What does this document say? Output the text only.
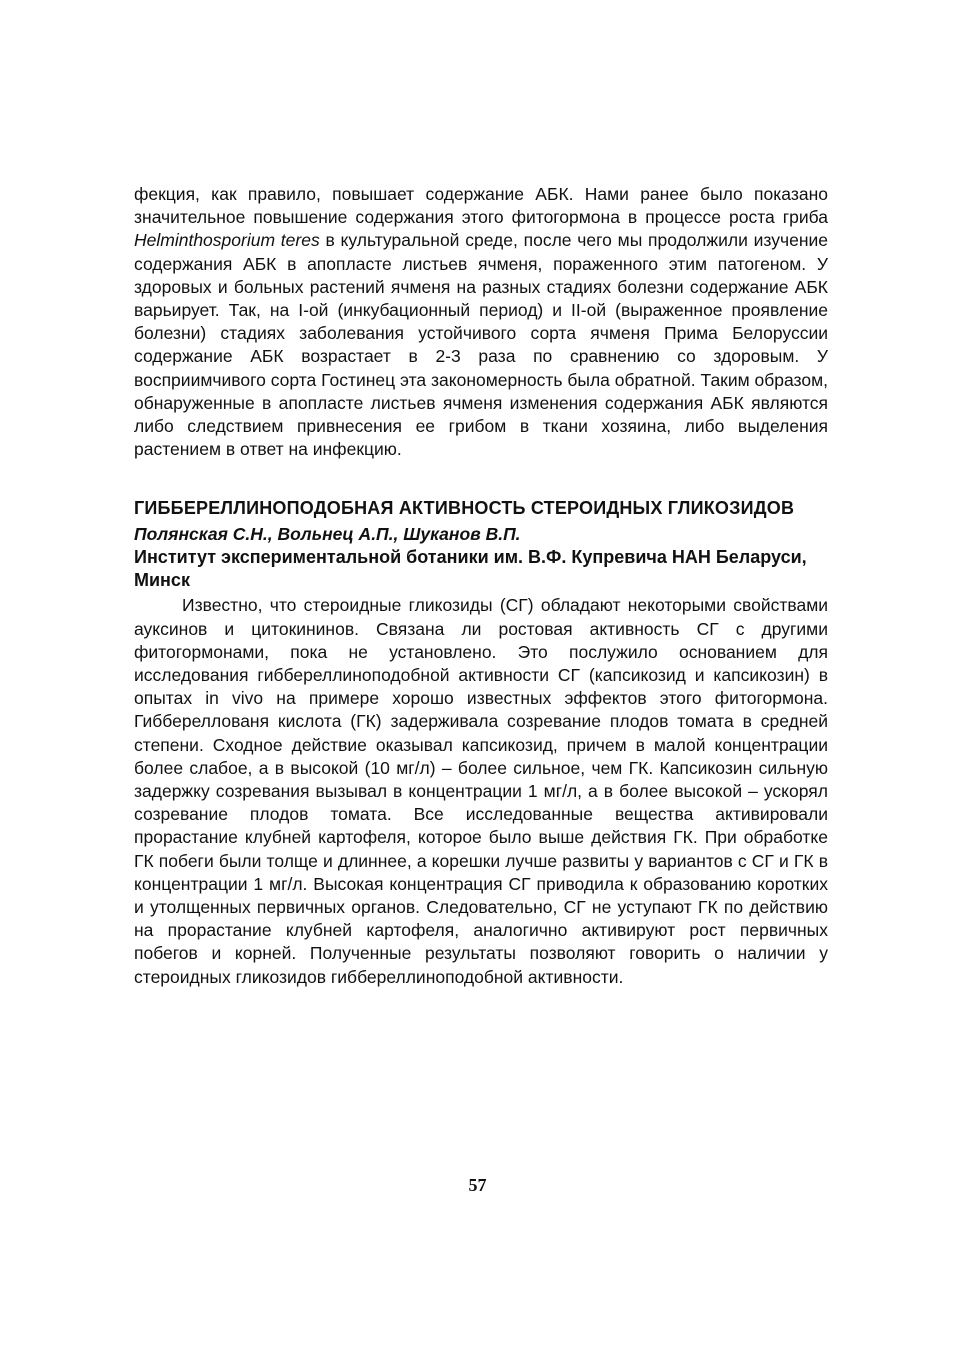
фекция, как правило, повышает содержание АБК. Нами ранее было показано значительное повышение содержания этого фитогормона в процессе роста гриба Helminthosporium teres в культуральной среде, после чего мы продолжили изучение содержания АБК в апопласте листьев ячменя, пораженного этим патогеном. У здоровых и больных растений ячменя на разных стадиях болезни содержание АБК варьирует. Так, на I-ой (инкубационный период) и II-ой (выраженное проявление болезни) стадиях заболевания устойчивого сорта ячменя Прима Белоруссии содержание АБК возрастает в 2-3 раза по сравнению со здоровым. У восприимчивого сорта Гостинец эта закономерность была обратной. Таким образом, обнаруженные в апопласте листьев ячменя изменения содержания АБК являются либо следствием привнесения ее грибом в ткани хозяина, либо выделения растением в ответ на инфекцию.

ГИББЕРЕЛЛИНОПОДОБНАЯ АКТИВНОСТЬ СТЕРОИДНЫХ ГЛИКОЗИДОВ
Полянская С.Н., Вольнец А.П., Шуканов В.П.
Институт экспериментальной ботаники им. В.Ф. Купревича НАН Беларуси, Минск

Известно, что стероидные гликозиды (СГ) обладают некоторыми свойствами ауксинов и цитокининов. Связана ли ростовая активность СГ с другими фитогормонами, пока не установлено. Это послужило основанием для исследования гиббереллиноподобной активности СГ (капсикозид и капсикозин) в опытах in vivo на примере хорошо известных эффектов этого фитогормона. Гиббереллованя кислота (ГК) задерживала созревание плодов томата в средней степени. Сходное действие оказывал капсикозид, причем в малой концентрации более слабое, а в высокой (10 мг/л) – более сильное, чем ГК. Капсикозин сильную задержку созревания вызывал в концентрации 1 мг/л, а в более высокой – ускорял созревание плодов томата. Все исследованные вещества активировали прорастание клубней картофеля, которое было выше действия ГК. При обработке ГК побеги были толще и длиннее, а корешки лучше развиты у вариантов с СГ и ГК в концентрации 1 мг/л. Высокая концентрация СГ приводила к образованию коротких и утолщенных первичных органов. Следовательно, СГ не уступают ГК по действию на прорастание клубней картофеля, аналогично активируют рост первичных побегов и корней. Полученные результаты позволяют говорить о наличии у стероидных гликозидов гиббереллиноподобной активности.

57
